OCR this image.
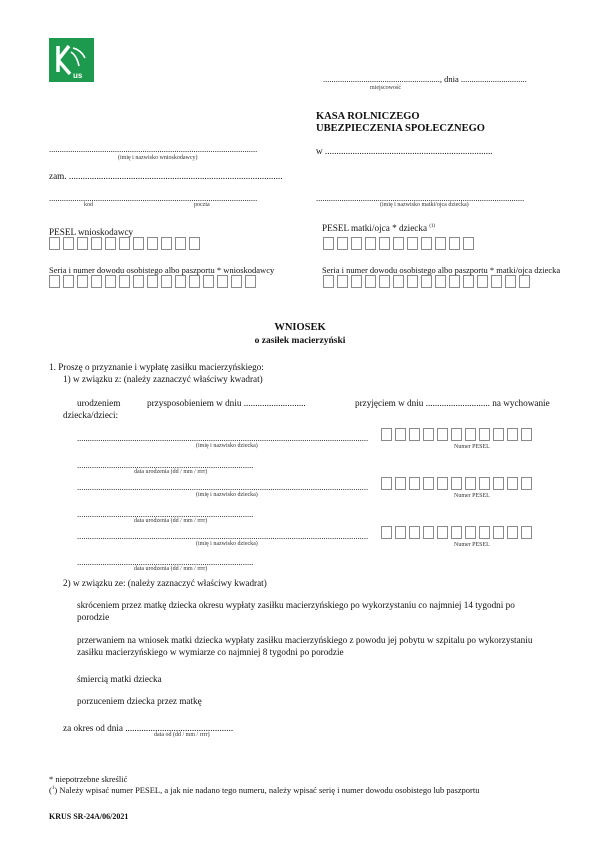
us	......................................................., dnia ...............................
miejscowość
KASA ROLNICZEGO
UBEZPIECZENIA SPOŁECZNEGO
w .........................................................................
..................................................................................................
(imię i nazwisko wnioskodawcy)
zam. .............................................................................................
..................................................................................................
kod	poczta
..................................................................................................
(imię i nazwisko matki/ojca dziecka)
PESEL wnioskodawcy	PESEL matki/ojca * dziecka $^{(1)}$
Seria i numer dowodu osobistego albo paszportu * wnioskodawcy	Seria i numer dowodu osobistego albo paszportu * matki/ojca dziecka
WNIOSEK
o zasiłek macierzyński
1. Proszę o przyznanie i wypłatę zasiłku macierzyńskiego:
1) w związku z: (należy zaznaczyć właściwy kwadrat)
urodzeniem	przysposobieniem w dniu ...........................	przyjęciem w dniu ............................ na wychowanie
dziecka/dzieci:
.........................................................................................................................................
(imię i nazwisko dziecka)	Numer PESEL
...................................................................................
data urodzenia (dd / mm / rrrr)
.........................................................................................................................................
(imię i nazwisko dziecka)	Numer PESEL
...................................................................................
data urodzenia (dd / mm / rrrr)
.........................................................................................................................................
(imię i nazwisko dziecka)	Numer PESEL
...................................................................................
data urodzenia (dd / mm / rrrr)
2) w związku ze: (należy zaznaczyć właściwy kwadrat)
skróceniem przez matkę dziecka okresu wypłaty zasiłku macierzyńskiego po wykorzystaniu co najmniej 14 tygodni po
porodzie
przerwaniem na wniosek matki dziecka wypłaty zasiłku macierzyńskiego z powodu jej pobytu w szpitalu po wykorzystaniu
zasiłku macierzyńskiego w wymiarze co najmniej 8 tygodni po porodzie
śmiercią matki dziecka
porzuceniem dziecka przez matkę
za okres od dnia ...............................................
data od (dd / mm / rrrr)
* niepotrzebne skreślić
($^1$) Należy wpisać numer PESEL, a jak nie nadano tego numeru, należy wpisać serię i numer dowodu osobistego lub paszportu
KRUS SR-24A/06/2021
